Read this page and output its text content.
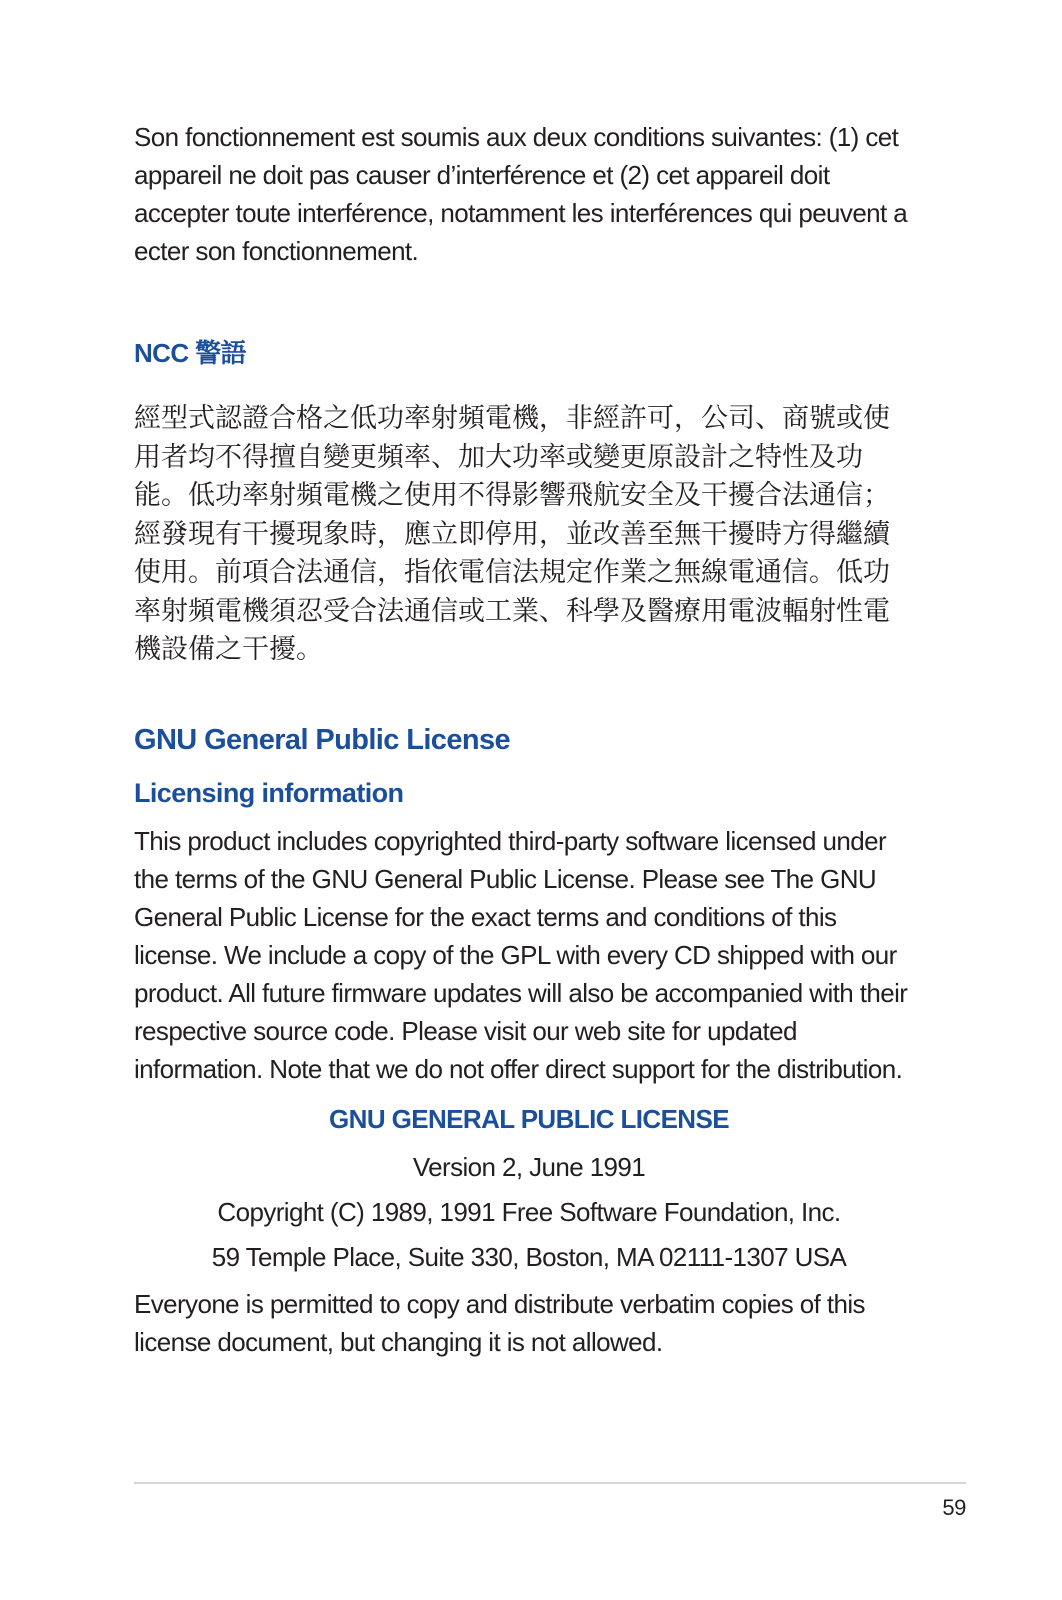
Son fonctionnement est soumis aux deux conditions suivantes: (1) cet appareil ne doit pas causer d’interférence et (2) cet appareil doit accepter toute interférence, notamment les interférences qui peuvent a ecter son fonctionnement.

NCC 警語

經型式認證合格之低功率射頻電機，非經許可，公司、商號或使用者均不得擅自變更頻率、加大功率或變更原設計之特性及功能。低功率射頻電機之使用不得影響飛航安全及干擾合法通信；經發現有干擾現象時，應立即停用，並改善至無干擾時方得繼續使用。前項合法通信，指依電信法規定作業之無線電通信。低功率射頻電機須忍受合法通信或工業、科學及醫療用電波輻射性電機設備之干擾。

GNU General Public License
Licensing information

This product includes copyrighted third-party software licensed under the terms of the GNU General Public License. Please see The GNU General Public License for the exact terms and conditions of this license. We include a copy of the GPL with every CD shipped with our product. All future firmware updates will also be accompanied with their respective source code. Please visit our web site for updated information. Note that we do not offer direct support for the distribution.

GNU GENERAL PUBLIC LICENSE

Version 2, June 1991

Copyright (C) 1989, 1991 Free Software Foundation, Inc.

59 Temple Place, Suite 330, Boston, MA 02111-1307 USA

Everyone is permitted to copy and distribute verbatim copies of this license document, but changing it is not allowed.

59
